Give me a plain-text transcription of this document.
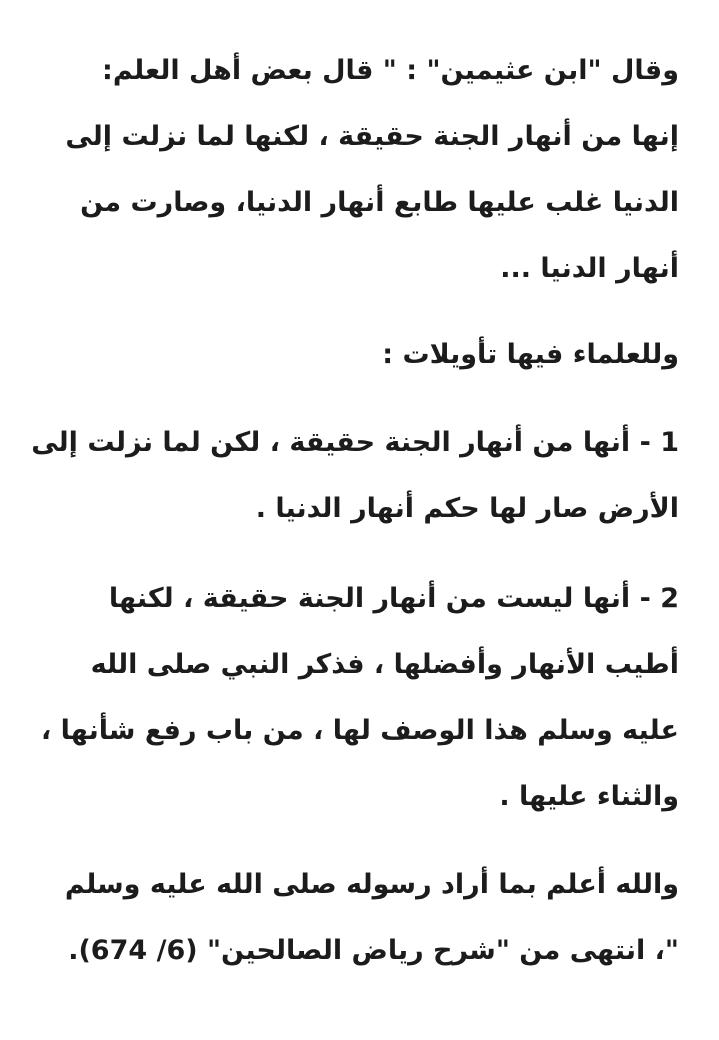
وقال "ابن عثيمين" : " قال بعض أهل العلم:
إنها من أنهار الجنة حقيقة ، لكنها لما نزلت إلى
الدنيا غلب عليها طابع أنهار الدنيا، وصارت من
أنهار الدنيا ...

وللعلماء فيها تأويلات :

1 - أنها من أنهار الجنة حقيقة ، لكن لما نزلت إلى
الأرض صار لها حكم أنهار الدنيا .

2 - أنها ليست من أنهار الجنة حقيقة ، لكنها
أطيب الأنهار وأفضلها ، فذكر النبي صلى الله
عليه وسلم هذا الوصف لها ، من باب رفع شأنها ،
والثناء عليها .

والله أعلم بما أراد رسوله صلى الله عليه وسلم
"، انتهى من "شرح رياض الصالحين" (6/ 674).
